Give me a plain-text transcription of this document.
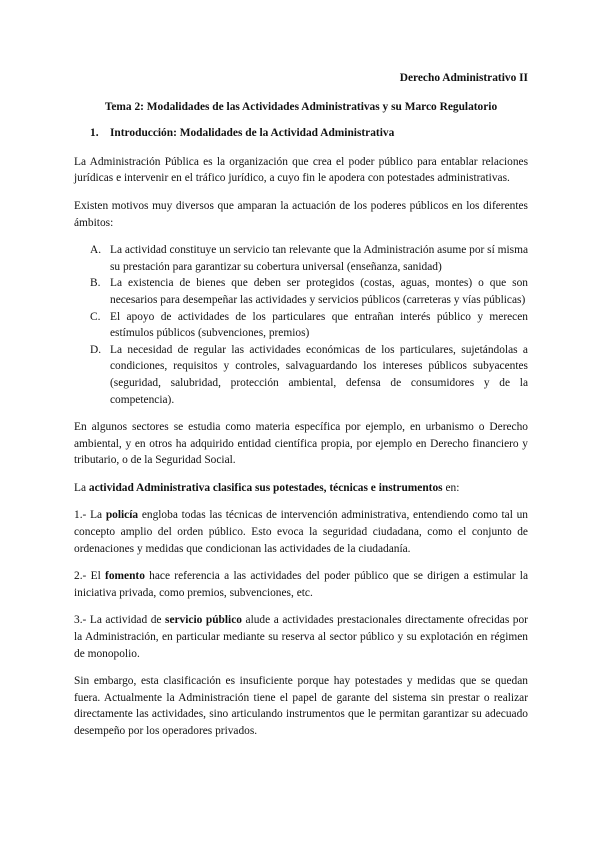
Derecho Administrativo II
Tema 2: Modalidades de las Actividades Administrativas y su Marco Regulatorio
1. Introducción: Modalidades de la Actividad Administrativa

La Administración Pública es la organización que crea el poder público para entablar relaciones jurídicas e intervenir en el tráfico jurídico, a cuyo fin le apodera con potestades administrativas.

Existen motivos muy diversos que amparan la actuación de los poderes públicos en los diferentes ámbitos:

A. La actividad constituye un servicio tan relevante que la Administración asume por sí misma su prestación para garantizar su cobertura universal (enseñanza, sanidad)
B. La existencia de bienes que deben ser protegidos (costas, aguas, montes) o que son necesarios para desempeñar las actividades y servicios públicos (carreteras y vías públicas)
C. El apoyo de actividades de los particulares que entrañan interés público y merecen estímulos públicos (subvenciones, premios)
D. La necesidad de regular las actividades económicas de los particulares, sujetándolas a condiciones, requisitos y controles, salvaguardando los intereses públicos subyacentes (seguridad, salubridad, protección ambiental, defensa de consumidores y de la competencia).

En algunos sectores se estudia como materia específica por ejemplo, en urbanismo o Derecho ambiental, y en otros ha adquirido entidad científica propia, por ejemplo en Derecho financiero y tributario, o de la Seguridad Social.

La actividad Administrativa clasifica sus potestades, técnicas e instrumentos en:

1.- La policía engloba todas las técnicas de intervención administrativa, entendiendo como tal un concepto amplio del orden público. Esto evoca la seguridad ciudadana, como el conjunto de ordenaciones y medidas que condicionan las actividades de la ciudadanía.

2.- El fomento hace referencia a las actividades del poder público que se dirigen a estimular la iniciativa privada, como premios, subvenciones, etc.

3.- La actividad de servicio público alude a actividades prestacionales directamente ofrecidas por la Administración, en particular mediante su reserva al sector público y su explotación en régimen de monopolio.

Sin embargo, esta clasificación es insuficiente porque hay potestades y medidas que se quedan fuera. Actualmente la Administración tiene el papel de garante del sistema sin prestar o realizar directamente las actividades, sino articulando instrumentos que le permitan garantizar su adecuado desempeño por los operadores privados.
